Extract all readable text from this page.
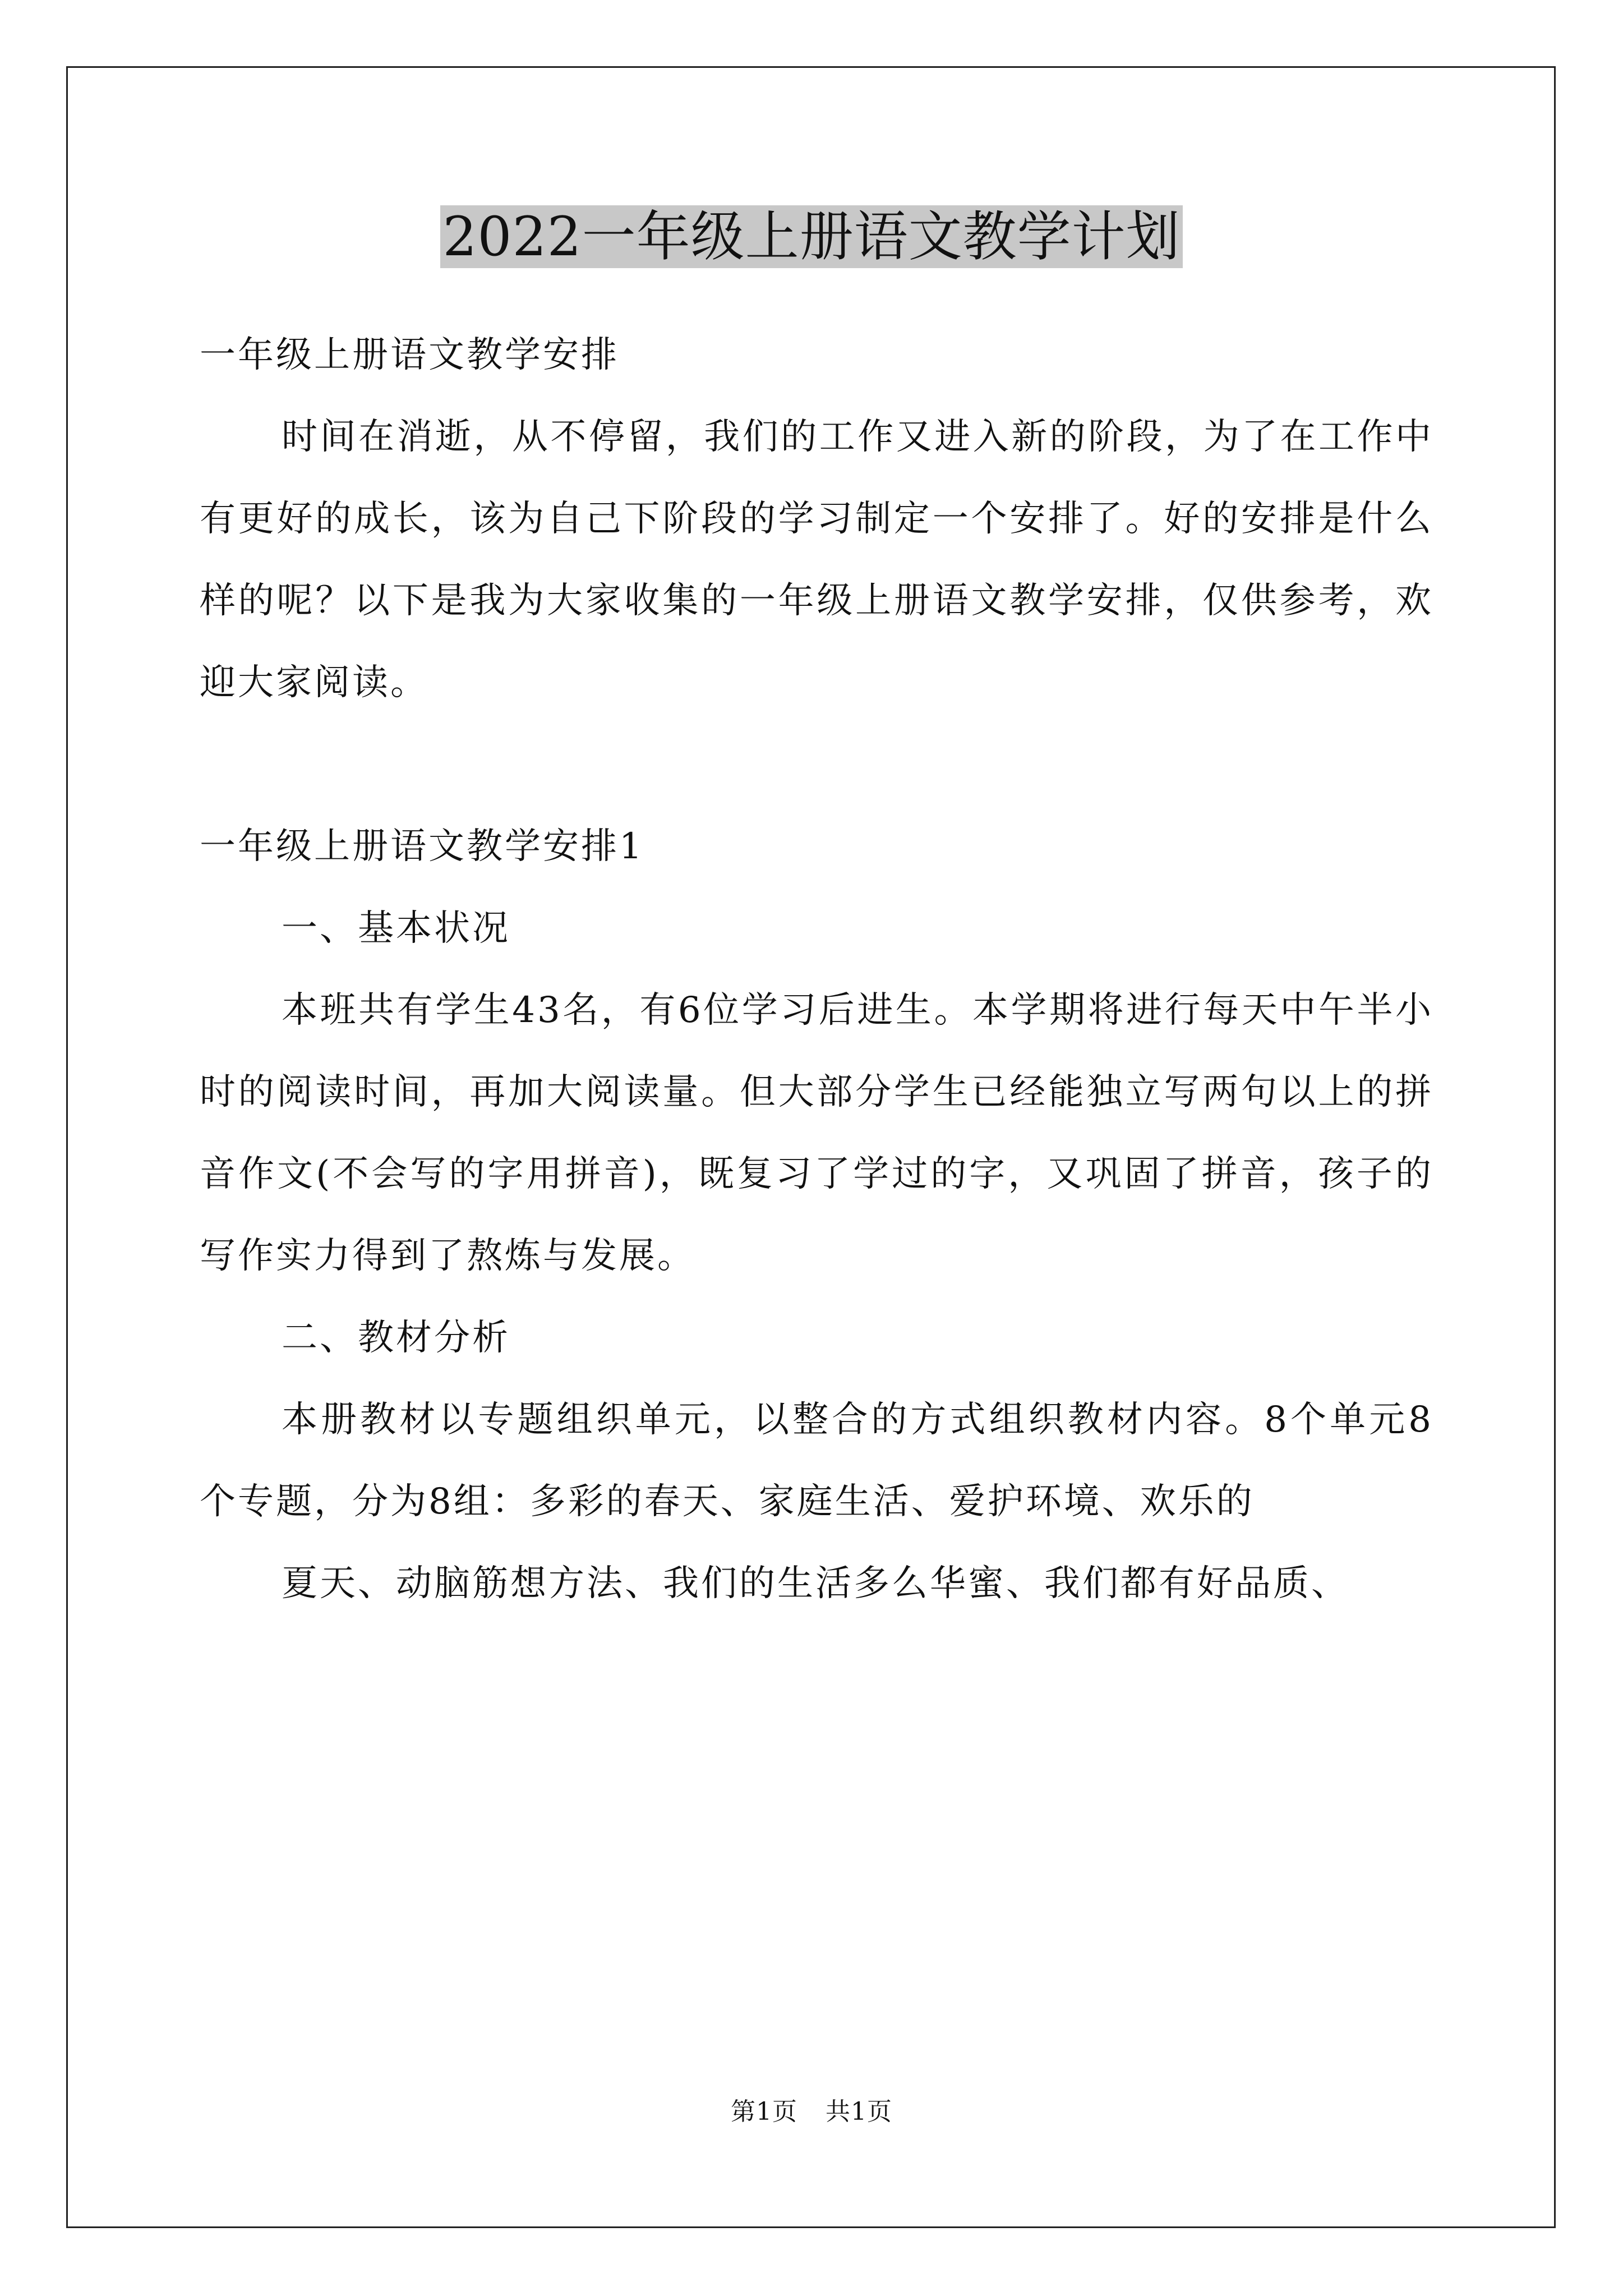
2022一年级上册语文教学计划

一年级上册语文教学安排

时间在消逝，从不停留，我们的工作又进入新的阶段，为了在工作中有更好的成长，该为自己下阶段的学习制定一个安排了。好的安排是什么样的呢？以下是我为大家收集的一年级上册语文教学安排，仅供参考，欢迎大家阅读。

一年级上册语文教学安排1

一、基本状况

本班共有学生43名，有6位学习后进生。本学期将进行每天中午半小时的阅读时间，再加大阅读量。但大部分学生已经能独立写两句以上的拼音作文(不会写的字用拼音)，既复习了学过的字，又巩固了拼音，孩子的写作实力得到了熬炼与发展。

二、教材分析

本册教材以专题组织单元，以整合的方式组织教材内容。8个单元8个专题，分为8组：多彩的春天、家庭生活、爱护环境、欢乐的

夏天、动脑筋想方法、我们的生活多么华蜜、我们都有好品质、

第1页 共1页
